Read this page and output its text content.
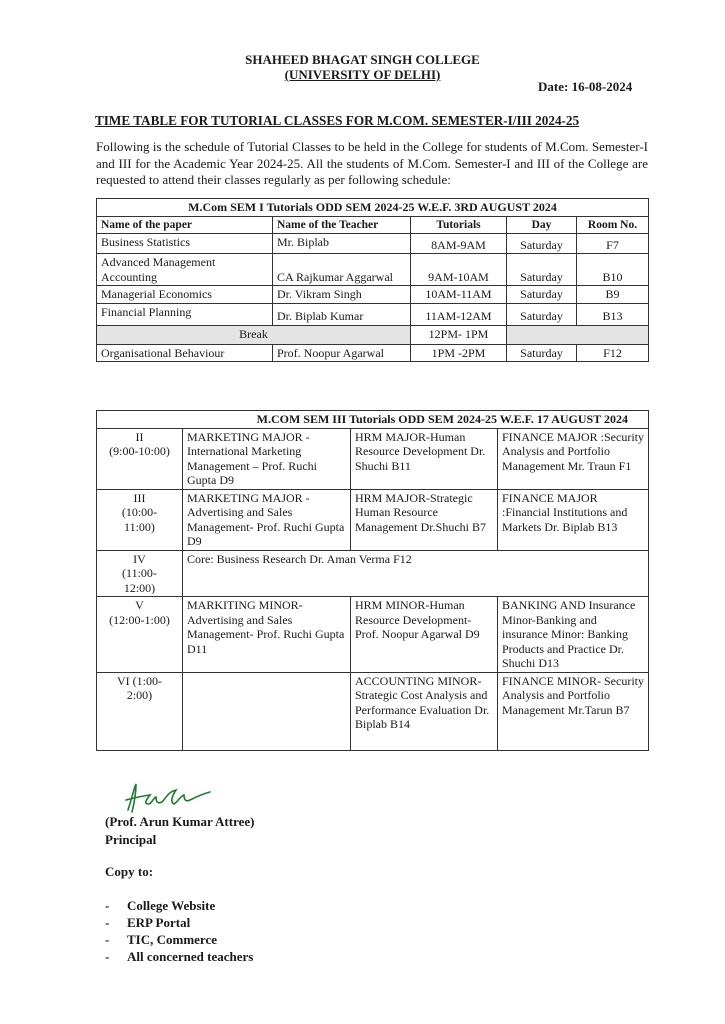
SHAHEED BHAGAT SINGH COLLEGE
(UNIVERSITY OF DELHI)
Date: 16-08-2024
TIME TABLE FOR TUTORIAL CLASSES FOR M.COM. SEMESTER-I/III 2024-25
Following is the schedule of Tutorial Classes to be held in the College for students of M.Com. Semester-I and III for the Academic Year 2024-25. All the students of M.Com. Semester-I and III of the College are requested to attend their classes regularly as per following schedule:
M.Com SEM I Tutorials ODD SEM 2024-25 W.E.F. 3RD AUGUST 2024				
Name of the paper	Name of the Teacher	Tutorials	Day	Room No.
Business Statistics	Mr. Biplab	8AM-9AM	Saturday	F7
Advanced Management Accounting	CA Rajkumar Aggarwal	9AM-10AM	Saturday	B10
Managerial Economics	Dr. Vikram Singh	10AM-11AM	Saturday	B9
Financial Planning	Dr. Biplab Kumar	11AM-12AM	Saturday	B13
Break		12PM- 1PM		
Organisational Behaviour	Prof. Noopur Agarwal	1PM -2PM	Saturday	F12
M.COM SEM III Tutorials ODD SEM 2024-25 W.E.F. 17 AUGUST 2024			
II
(9:00-10:00)	MARKETING MAJOR - International Marketing Management – Prof. Ruchi Gupta D9	HRM MAJOR-Human Resource Development Dr. Shuchi B11	FINANCE MAJOR :Security Analysis and Portfolio Management Mr. Traun F1
III
(10:00-
11:00)	MARKETING MAJOR - Advertising and Sales Management- Prof. Ruchi Gupta D9	HRM MAJOR-Strategic Human Resource Management Dr.Shuchi B7	FINANCE MAJOR :Financial Institutions and Markets Dr. Biplab B13
IV
(11:00-
12:00)	Core: Business Research Dr. Aman Verma F12		
V
(12:00-1:00)	MARKITING MINOR- Advertising and Sales Management- Prof. Ruchi Gupta D11	HRM MINOR-Human Resource Development- Prof. Noopur Agarwal D9	BANKING AND Insurance Minor-Banking and insurance Minor: Banking Products and Practice Dr. Shuchi D13
VI (1:00-
2:00)		ACCOUNTING MINOR- Strategic Cost Analysis and Performance Evaluation Dr. Biplab B14	FINANCE MINOR- Security Analysis and Portfolio Management Mr.Tarun B7
(Prof. Arun Kumar Attree)
Principal
Copy to:
- College Website
- ERP Portal
- TIC, Commerce
- All concerned teachers
